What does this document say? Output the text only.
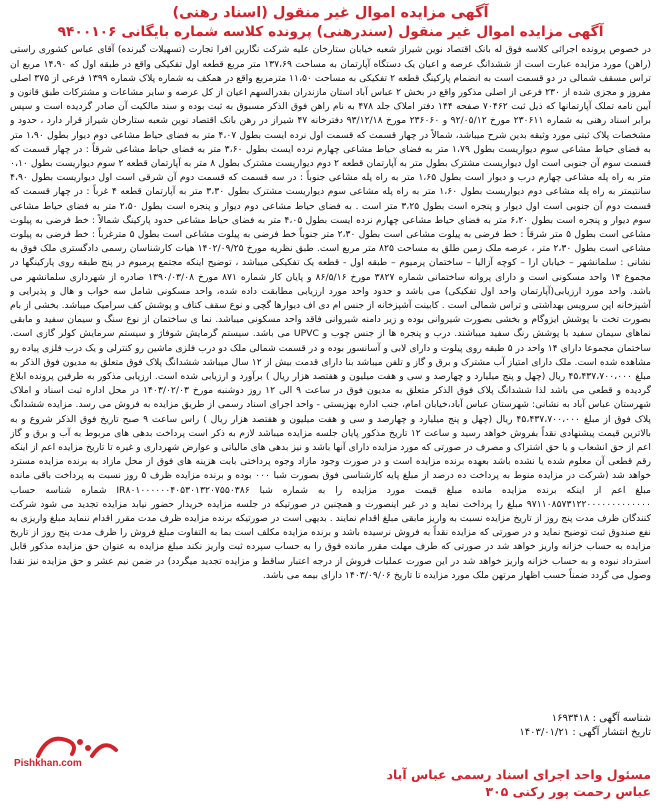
آگهی مزایده اموال غیر منقول (اسناد رهنی)
آگهی مزایده اموال غیر منقول (سندرهنی) پرونده کلاسه شماره بایگانی ۹۴۰۰۱۰۶

در خصوص پرونده اجرائی کلاسه فوق له بانک اقتصاد نوین شیراز شعبه خیابان ستارخان علیه شرکت نگارین افرا تجارت (تسهیلات گیرنده) آقای عباس کشوری راستی (راهن) مورد مزایده عبارت است از ششدانگ عرصه و اعیان یک دستگاه آپارتمان به مساحت ۱۳۷،۶۹ متر مربع قطعه اول تفکیکی واقع در طبقه اول که ۱۴،۹۰ مربع ان تراس مسقف شمالی در دو قسمت است به انضمام پارکینگ قطعه ۲ تفکیکی به مساحت ۱۱،۵۰ مترمربع واقع در همکف به شماره پلاک شماره ۱۳۹۹ فرعی از ۳۷۵ اصلی مفروز و مجزی شده از ۲۳۰ فرعی از اصلی مذکور واقع در بخش ۲ عباس آباد استان مازندران بقدرالسهم اعیان از کل عرصه و سایر مشاعات و مشترکات طبق قانون و آیین نامه تملک آپارتمانها که ذیل ثبت ۷۰۴۶۲ صفحه ۱۴۴ دفتر املاک جلد ۴۷۸ به نام راهن فوق الذکر مسبوق به ثبت بوده و سند مالکیت آن صادر گردیده است و سپس برابر اسناد رهنی به شماره ۲۳۰۶۱۱ مورخ ۹۲/۰۵/۱۲ و ۲۳۶۰۶۰ مورخ ۹۳/۱۲/۱۸ دفترخانه ۴۷ شیراز در رهن بانک اقتصاد نوین شعبه ستارخان شیراز قرار دارد ، حدود و مشخصات پلاک ثبتی مورد وثیقه بدین شرح میباشد، شمالاً در چهار قسمت که قسمت اول نرده ایست بطول ۴،۰۷ متر به فضای حیاط مشاعی دوم دیوار بطول ۱،۹۰ متر به فضای حیاط مشاعی سوم دیواریست بطول ۱،۷۹ متر به فضای حیاط مشاعی چهارم نرده ایست بطول ۳،۶۰ متر به فضای حیاط مشاعی شرقاً : در چهار قسمت که قسمت سوم آن جنوبی است اول دیواریست مشترک بطول متر به آپارتمان قطعه ۲ دوم دیواریست مشترک بطول ۸ متر به آپارتمان قطعه ۲ سوم دیواریست بطول ۰،۱۰ متر به راه پله مشاعی چهارم درب و دیوار است بطول ۱،۶۵ متر به راه پله مشاعی جنوباً : در سه قسمت که قسمت دوم آن شرقی است اول دیواریست بطول ۴،۹۰ سانتیمتر به راه پله مشاعی دوم دیواریست بطول ۱،۶۰ متر به راه پله مشاعی سوم دیواریست مشترک بطول ۳،۳۰ متر به آپارتمان قطعه ۴ غرباً : در چهار قسمت که قسمت دوم آن جنوبی است اول دیوار و پنجره است بطول ۳،۲۵ متر است . به فضای حیاط مشاعی دوم دیوار و پنجره است بطول ۲،۵۰ متر به فضای حیاط مشاعی سوم دیوار و پنجره است بطول ۶،۲۰ متر به فضای حیاط مشاعی چهارم نرده ایست بطول ۴،۰۵ متر به فضای حیاط مشاعی حدود پارکینگ شمالاً : خط فرضی به پیلوت مشاعی است بطول ۵ متر شرقاً : خط فرضی به پیلوت مشاعی است بطول ۲،۳۰ متر جنوباً خط فرضی به پیلوت مشاعی است بطول ۵ مترغرباً : خط فرضی به پیلوت مشاعی است بطول ۲،۳۰ متر ، عرصه ملک زمین طلق به مساحت ۸۲۵ متر مربع است. طبق نظریه مورخ ۱۴۰۲/۰۹/۲۵ هیات کارشناسان رسمی دادگستری ملک فوق به نشانی : سلمانشهر – خیابان ارا – کوچه آزالیا – ساختمان پرمیوم – طبقه اول - قطعه یک تفکیکی میباشد ، توضیح اینکه مجتمع پرمیوم در پنج طبقه روی پارکینگها در مجموع ۱۴ واحد مسکونی است و دارای پروانه ساختمانی شماره ۳۸۲۷ مورخ ۸۶/۵/۱۶ و پایان کار شماره ۸۷۱ مورخ ۱۳۹۰/۰۳/۰۸ صادره از شهرداری سلمانشهر می باشد. واحد مورد ارزیابی(آپارتمان واحد اول تفکیکی) می باشد و حدود واحد مورد ارزیابی مطابقت داده شده، واحد مسکونی شامل سه خواب و هال و پذیرایی و آشپزخانه اپن سرویس بهداشتی و تراس شمالی است . کابینت آشپزخانه از جنس ام دی اف دیوارها گچی و نوع سقف کناف و پوشش کف سرامیک میباشد. بخشی از بام بصورت تخت با پوشش ایزوگام و بخشی بصورت شیروانی بوده و زیر دامنه شیروانی فاقد واحد مسکونی میباشد. نما ی ساختمان از نوع سنگ و سیمان سفید و مابقی نماهای سیمان سفید با پوشش رنگ سفید میباشند. درب و پنجره ها از جنس چوب و UPVC می باشد. سیستم گرمایش شوفاژ و سیستم سرمایش کولر گازی است. ساختمان مجموعا دارای ۱۴ واحد در ۵ طبقه روی پیلوت و دارای لابی و آسانسور بوده و در قسمت شمالی ملک دو درب فلزی ماشین رو کنترلی و یک درب فلزی پیاده رو مشاهده شده است. ملک دارای امتیاز آب مشترک و برق و گاز و تلفن میباشد بنا دارای قدمت بیش از ۱۲ سال میباشد ششدانگ پلاک فوق متعلق به مدیون فوق الذکر به مبلغ ۴۵،۴۳۷،۷۰۰،۰۰۰ ریال (چهل و پنج میلیارد و چهارصد و سی و هفت میلیون و هفتصد هزار ریال ) برآورد و ارزیابی شده است. ارزیابی مذکور به طرفین پرونده ابلاغ گردیده و قطعی می باشد لذا ششدانگ پلاک فوق الذکر متعلق به مدیون فوق در ساعت ۹ الی ۱۲ روز دوشنبه مورخ ۱۴۰۳/۰۲/۰۳ در محل اداره ثبت اسناد و املاک شهرستان عباس آباد به نشانی: شهرستان عباس آباد،خیابان امام، جنب اداره بهزیستی - واحد اجرای اسناد رسمی از طریق مزایده به فروش می رسد. مزایده ششدانگ پلاک فوق از مبلغ ۴۵،۴۳۷،۷۰۰،۰۰۰ ریال (چهل و پنج میلیارد و چهارصد و سی و هفت میلیون و هفتصد هزار ریال ) راس ساعت ۹ صبح تاریخ فوق الذکر شروع و به بالاترین قیمت پیشنهادی نقداً بفروش خواهد رسید و ساعت ۱۲ تاریخ مذکور پایان جلسه مزایده میباشد لازم به ذکر است پرداخت بدهی های مربوط به آب و برق و گاز اعم از حق انشعاب و یا حق اشتراک و مصرف در صورتی که مورد مزایده دارای آنها باشد و نیز بدهی های مالیاتی و عوارض شهرداری و غیره تا تاریخ مزایده اعم از اینکه رقم قطعی آن معلوم شده یا نشده باشد بعهده برنده مزایده است و در صورت وجود مازاد وجوه پرداختی بابت هزینه های فوق از محل مازاد به برنده مزایده مسترد خواهد شد (شرکت در مزایده منوط به پرداخت ده درصد از مبلغ پایه کارشناسی فوق بصورت شبا ۰۰۰ بوده و برنده مزایده ظرف ۵ روز نسبت به پرداخت باقی مانده مبلغ اعم از اینکه برنده مزایده مانده مبلغ قیمت مورد مزایده را به شماره شبا IR۸۰۱۰۰۰۰۰۰۴۰۵۳۰۱۳۲۰۷۵۵۰۳۸۶ شماره شناسه حساب ۹۷۱۱۰۸۵۷۳۱۲۲۰۰۰۰۰۰۰۰۰۰۰۰۰ مبلغ را پرداخت نماید و در غیر اینصورت و همچنین در صورتیکه در جلسه مزایده خریدار حضور نیابد مزایده تجدید می شود شرکت کنندگان ظرف مدت پنج روز از تاریخ مزایده نسبت به واریز مابقی مبلغ اقدام نمایند . بدیهی است در صورتیکه برنده مزایده ظرف مدت مقرر اقدام ننماید مبلغ واریزی به نفع صندوق ثبت توضیح نماید و در صورتی که مزایده نقداً به فروش نرسیده باشد و برنده مزایده مکلف است بما به التفاوت مبلغ فروش را ظرف مدت پنج روز از تاریخ مزایده به حساب خزانه واریز خواهد شد در صورتی که طرف مهلت مقرر مانده فوق را به حساب سپرده ثبت واریز نکند مبلغ مزایده به عنوان حق مزایده مذکور قابل استرداد نبوده و به حساب خزانه واریز خواهد شد در این صورت عملیات فروش از درجه اعتبار ساقط و مزایده تجدید میگردد) در ضمن نیم عشر و حق مزایده نیز نقدا وصول می گردد ضمناً حسب اظهار مرتهن ملک مورد مزایده تا تاریخ ۱۴۰۳/۰۹/۰۶ دارای بیمه می باشد.

شناسه آگهی : ۱۶۹۳۴۱۸
تاریخ انتشار آگهی : ۱۴۰۳/۰۱/۲۱
مسئول واحد اجرای اسناد رسمی عباس آباد
عباس رحمت پور رکنی ۳۰۵
Pishkhan.com
